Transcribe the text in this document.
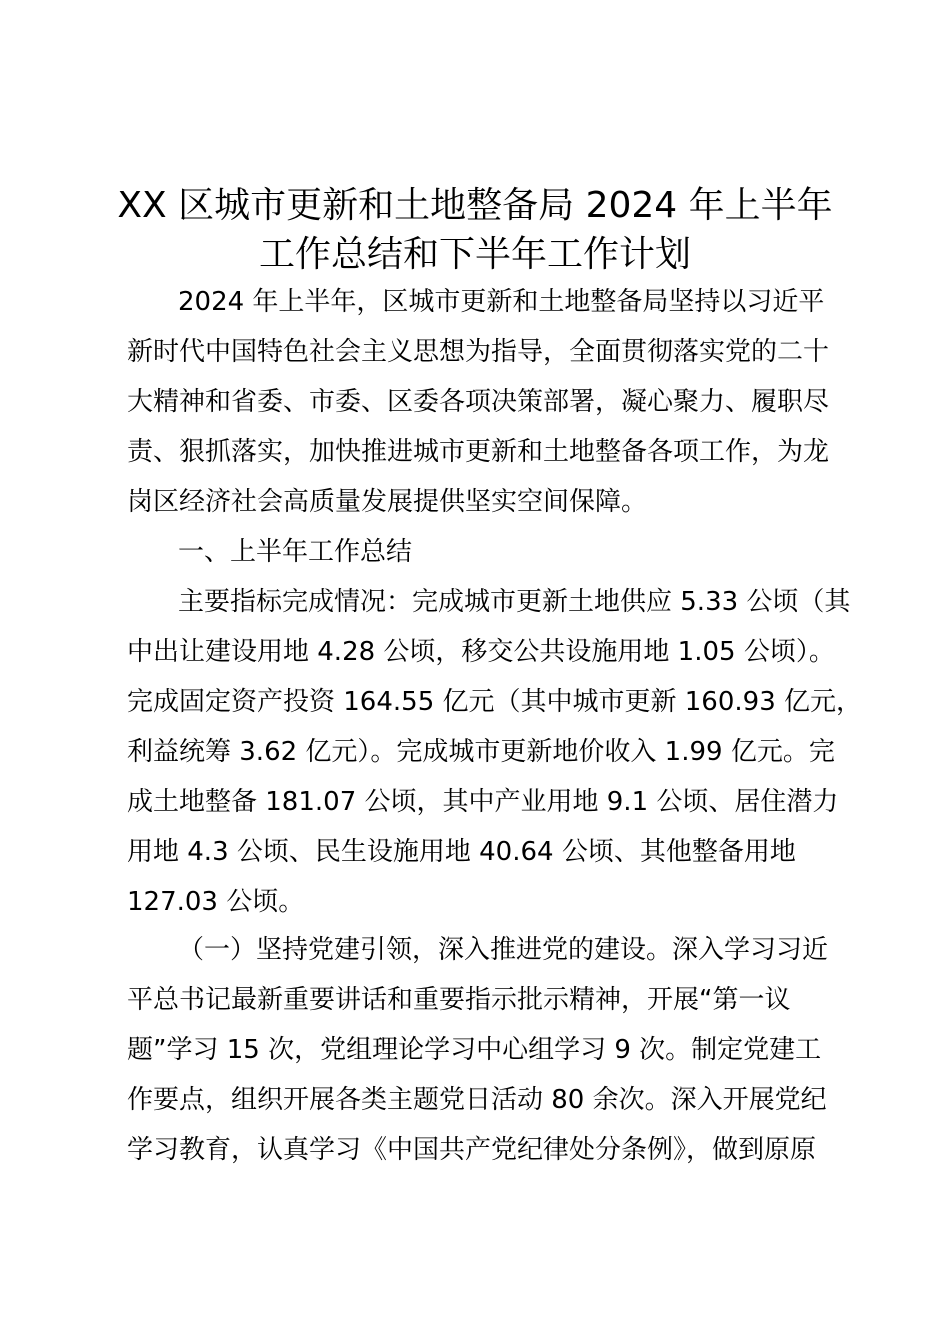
XX 区城市更新和土地整备局 2024 年上半年
工作总结和下半年工作计划

2024 年上半年，区城市更新和土地整备局坚持以习近平

新时代中国特色社会主义思想为指导，全面贯彻落实党的二十

大精神和省委、市委、区委各项决策部署，凝心聚力、履职尽

责、狠抓落实，加快推进城市更新和土地整备各项工作，为龙

岗区经济社会高质量发展提供坚实空间保障。

一、上半年工作总结

主要指标完成情况：完成城市更新土地供应 5.33 公顷（其

中出让建设用地 4.28 公顷，移交公共设施用地 1.05 公顷）。

完成固定资产投资 164.55 亿元（其中城市更新 160.93 亿元，

利益统筹 3.62 亿元）。完成城市更新地价收入 1.99 亿元。完

成土地整备 181.07 公顷，其中产业用地 9.1 公顷、居住潜力

用地 4.3 公顷、民生设施用地 40.64 公顷、其他整备用地

127.03 公顷。

（一）坚持党建引领，深入推进党的建设。深入学习习近

平总书记最新重要讲话和重要指示批示精神，开展“第一议

题”学习 15 次，党组理论学习中心组学习 9 次。制定党建工

作要点，组织开展各类主题党日活动 80 余次。深入开展党纪

学习教育，认真学习《中国共产党纪律处分条例》，做到原原
